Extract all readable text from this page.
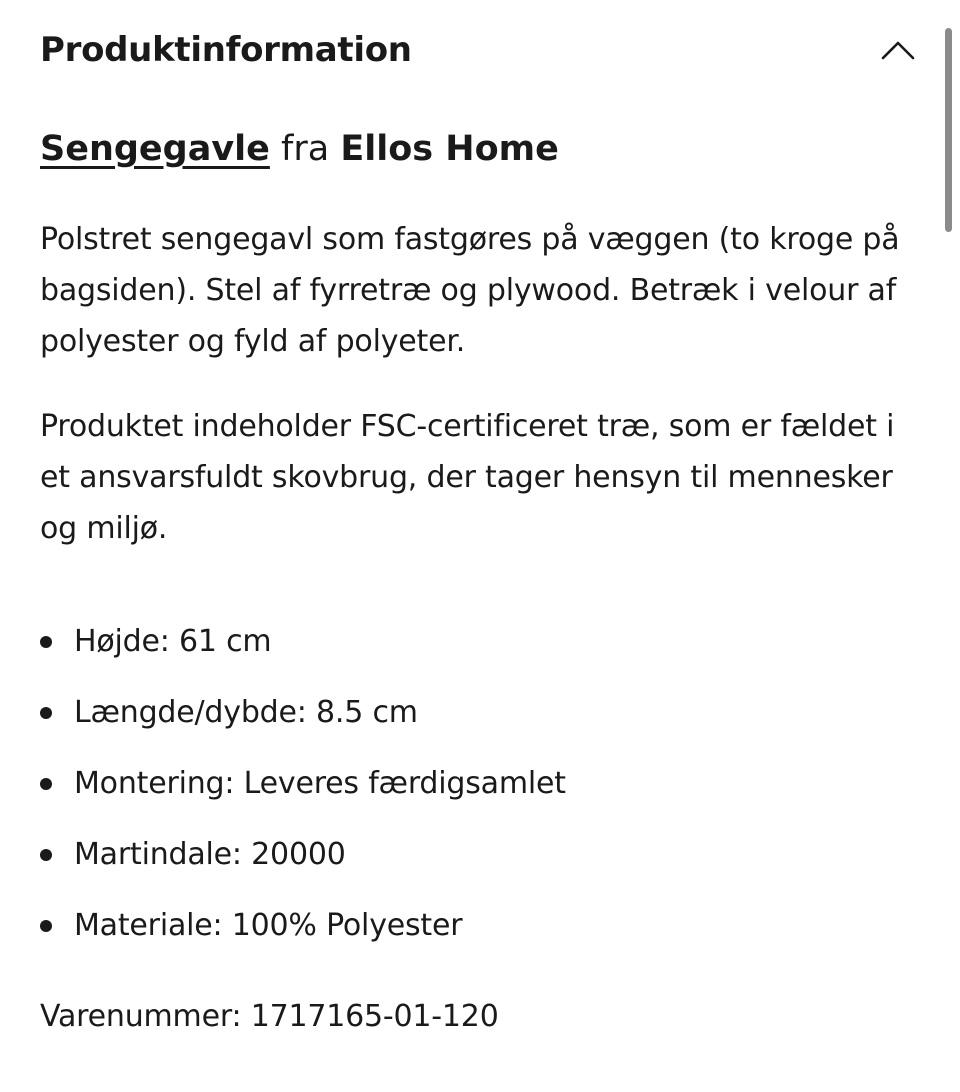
Produktinformation

Sengegavle fra Ellos Home

Polstret sengegavl som fastgøres på væggen (to kroge på bagsiden). Stel af fyrretræ og plywood. Betræk i velour af polyester og fyld af polyeter.

Produktet indeholder FSC-certificeret træ, som er fældet i et ansvarsfuldt skovbrug, der tager hensyn til mennesker og miljø.

Højde: 61 cm
Længde/dybde: 8.5 cm
Montering: Leveres færdigsamlet
Martindale: 20000
Materiale: 100% Polyester
Varenummer: 1717165-01-120
